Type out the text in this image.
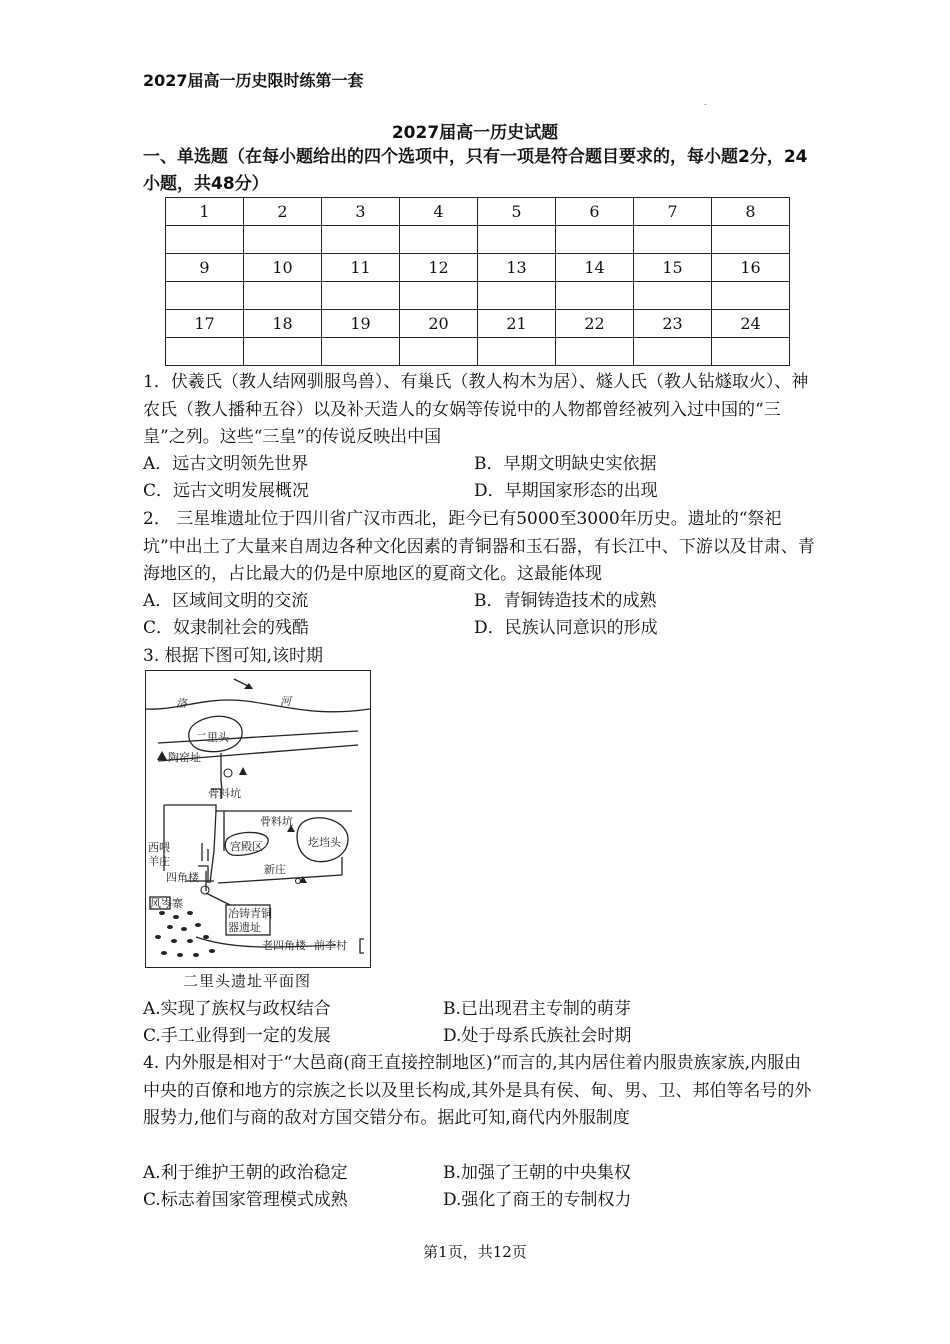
2027届高一历史限时练第一套
.
2027届高一历史试题
一、单选题（在每小题给出的四个选项中，只有一项是符合题目要求的，每小题2分，24小题，共48分）
1	2	3	4	5	6	7	8

9	10	11	12	13	14	15	16

17	18	19	20	21	22	23	24

1．伏羲氏（教人结网驯服鸟兽）、有巢氏（教人构木为居）、燧人氏（教人钻燧取火）、神农氏（教人播种五谷）以及补天造人的女娲等传说中的人物都曾经被列入过中国的“三皇”之列。这些“三皇”的传说反映出中国
A．远古文明领先世界	B．早期文明缺史实依据
C．远古文明发展概况	D．早期国家形态的出现
2． 三星堆遗址位于四川省广汉市西北，距今已有5000至3000年历史。遗址的“祭祀坑”中出土了大量来自周边各种文化因素的青铜器和玉石器，有长江中、下游以及甘肃、青海地区的，占比最大的仍是中原地区的夏商文化。这最能体现
A．区域间文明的交流	B．青铜铸造技术的成熟
C．奴隶制社会的残酷	D．民族认同意识的形成
3. 根据下图可知,该时期
洛	河
二里头
陶窑址
骨料坑
骨料坑
宫殿区	圪垱头
西喂
羊庄
四角楼
新庄
风岑寨
冶铸青铜
器遗址
老四角楼 前李村
二里头遗址平面图
A.实现了族权与政权结合	B.已出现君主专制的萌芽
C.手工业得到一定的发展	D.处于母系氏族社会时期
4. 内外服是相对于“大邑商(商王直接控制地区)”而言的,其内居住着内服贵族家族,内服由中央的百僚和地方的宗族之长以及里长构成,其外是具有侯、甸、男、卫、邦伯等名号的外服势力,他们与商的敌对方国交错分布。据此可知,商代内外服制度
A.利于维护王朝的政治稳定	B.加强了王朝的中央集权
C.标志着国家管理模式成熟	D.强化了商王的专制权力
第1页，共12页
